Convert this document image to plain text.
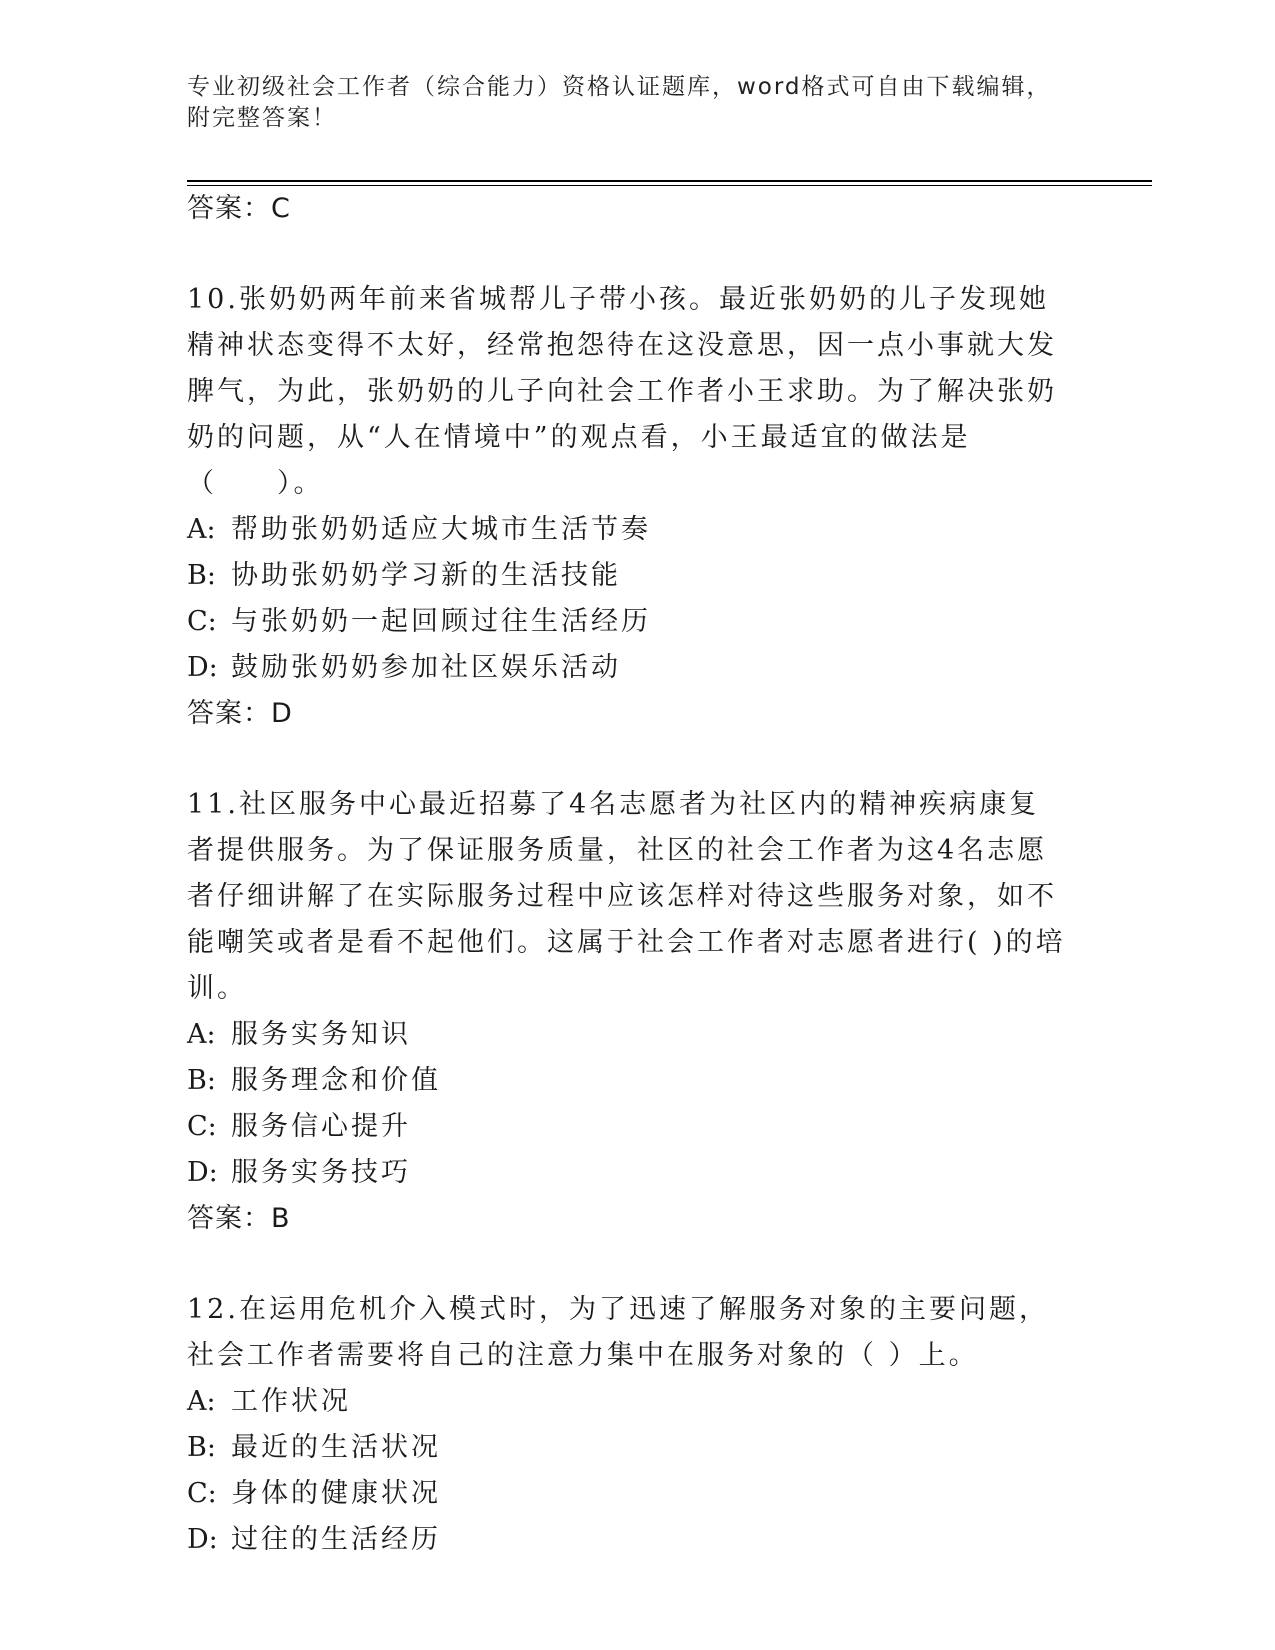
专业初级社会工作者（综合能力）资格认证题库，word格式可自由下载编辑，附完整答案！
答案：C
10.张奶奶两年前来省城帮儿子带小孩。最近张奶奶的儿子发现她精神状态变得不太好，经常抱怨待在这没意思，因一点小事就大发脾气，为此，张奶奶的儿子向社会工作者小王求助。为了解决张奶奶的问题，从“人在情境中”的观点看，小王最适宜的做法是（　　）。
A: 帮助张奶奶适应大城市生活节奏
B: 协助张奶奶学习新的生活技能
C: 与张奶奶一起回顾过往生活经历
D: 鼓励张奶奶参加社区娱乐活动
答案：D
11.社区服务中心最近招募了4名志愿者为社区内的精神疾病康复者提供服务。为了保证服务质量，社区的社会工作者为这4名志愿者仔细讲解了在实际服务过程中应该怎样对待这些服务对象，如不能嘲笑或者是看不起他们。这属于社会工作者对志愿者进行( )的培训。
A: 服务实务知识
B: 服务理念和价值
C: 服务信心提升
D: 服务实务技巧
答案：B
12.在运用危机介入模式时，为了迅速了解服务对象的主要问题，社会工作者需要将自己的注意力集中在服务对象的（ ）上。
A: 工作状况
B: 最近的生活状况
C: 身体的健康状况
D: 过往的生活经历
